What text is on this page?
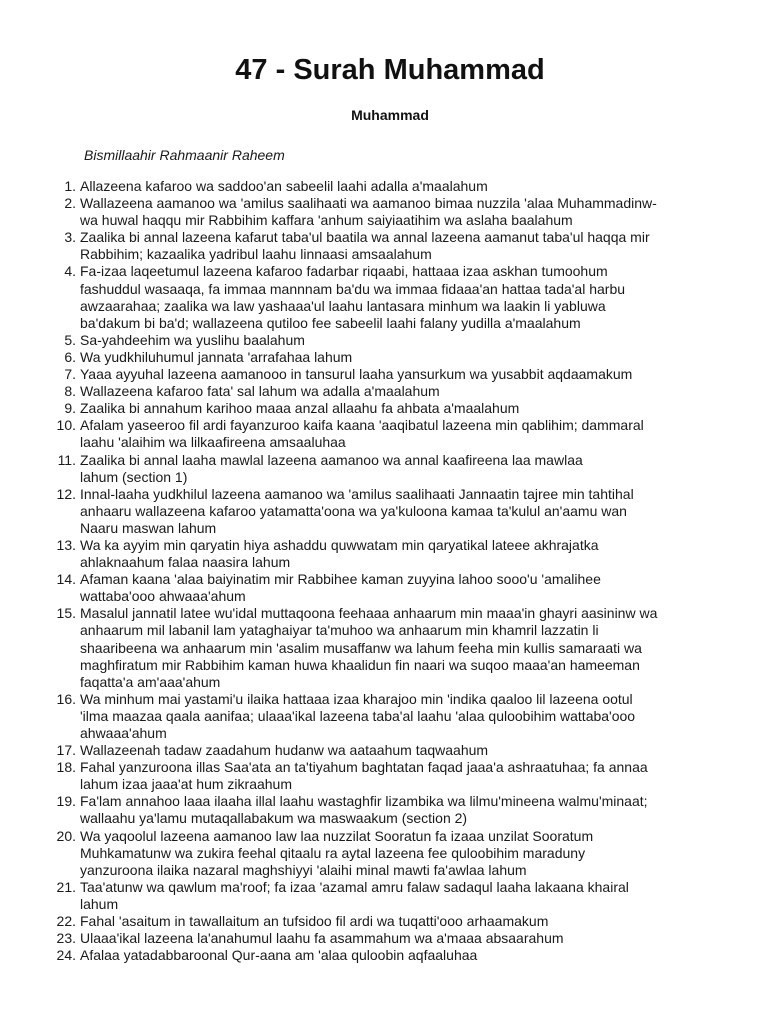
47 - Surah Muhammad
Muhammad
Bismillaahir Rahmaanir Raheem
1. Allazeena kafaroo wa saddoo'an sabeelil laahi adalla a'maalahum
2. Wallazeena aamanoo wa 'amilus saalihaati wa aamanoo bimaa nuzzila 'alaa Muhammadinw-
wa huwal haqqu mir Rabbihim kaffara 'anhum saiyiaatihim wa aslaha baalahum
3. Zaalika bi annal lazeena kafarut taba'ul baatila wa annal lazeena aamanut taba'ul haqqa mir
Rabbihim; kazaalika yadribul laahu linnaasi amsaalahum
4. Fa-izaa laqeetumul lazeena kafaroo fadarbar riqaabi, hattaaa izaa askhan tumoohum
fashuddul wasaaqa, fa immaa mannnam ba'du wa immaa fidaaa'an hattaa tada'al harbu
awzaarahaa; zaalika wa law yashaaa'ul laahu lantasara minhum wa laakin li yabluwa
ba'dakum bi ba'd; wallazeena qutiloo fee sabeelil laahi falany yudilla a'maalahum
5. Sa-yahdeehim wa yuslihu baalahum
6. Wa yudkhiluhumul jannata 'arrafahaa lahum
7. Yaaa ayyuhal lazeena aamanooo in tansurul laaha yansurkum wa yusabbit aqdaamakum
8. Wallazeena kafaroo fata' sal lahum wa adalla a'maalahum
9. Zaalika bi annahum karihoo maaa anzal allaahu fa ahbata a'maalahum
10. Afalam yaseeroo fil ardi fayanzuroo kaifa kaana 'aaqibatul lazeena min qablihim; dammaral
laahu 'alaihim wa lilkaafireena amsaaluhaa
11. Zaalika bi annal laaha mawlal lazeena aamanoo wa annal kaafireena laa mawlaa
lahum (section 1)
12. Innal-laaha yudkhilul lazeena aamanoo wa 'amilus saalihaati Jannaatin tajree min tahtihal
anhaaru wallazeena kafaroo yatamatta'oona wa ya'kuloona kamaa ta'kulul an'aamu wan
Naaru maswan lahum
13. Wa ka ayyim min qaryatin hiya ashaddu quwwatam min qaryatikal lateee akhrajatka
ahlaknaahum falaa naasira lahum
14. Afaman kaana 'alaa baiyinatim mir Rabbihee kaman zuyyina lahoo sooo'u 'amalihee
wattaba'ooo ahwaaa'ahum
15. Masalul jannatil latee wu'idal muttaqoona feehaaa anhaarum min maaa'in ghayri aasininw wa
anhaarum mil labanil lam yataghaiyar ta'muhoo wa anhaarum min khamril lazzatin li
shaaribeena wa anhaarum min 'asalim musaffanw wa lahum feeha min kullis samaraati wa
maghfiratum mir Rabbihim kaman huwa khaalidun fin naari wa suqoo maaa'an hameeman
faqatta'a am'aaa'ahum
16. Wa minhum mai yastami'u ilaika hattaaa izaa kharajoo min 'indika qaaloo lil lazeena ootul
'ilma maazaa qaala aanifaa; ulaaa'ikal lazeena taba'al laahu 'alaa quloobihim wattaba'ooo
ahwaaa'ahum
17. Wallazeenah tadaw zaadahum hudanw wa aataahum taqwaahum
18. Fahal yanzuroona illas Saa'ata an ta'tiyahum baghtatan faqad jaaa'a ashraatuhaa; fa annaa
lahum izaa jaaa'at hum zikraahum
19. Fa'lam annahoo laaa ilaaha illal laahu wastaghfir lizambika wa lilmu'mineena walmu'minaat;
wallaahu ya'lamu mutaqallabakum wa maswaakum (section 2)
20. Wa yaqoolul lazeena aamanoo law laa nuzzilat Sooratun fa izaaa unzilat Sooratum
Muhkamatunw wa zukira feehal qitaalu ra aytal lazeena fee quloobihim maraduny
yanzuroona ilaika nazaral maghshiyyi 'alaihi minal mawti fa'awlaa lahum
21. Taa'atunw wa qawlum ma'roof; fa izaa 'azamal amru falaw sadaqul laaha lakaana khairal
lahum
22. Fahal 'asaitum in tawallaitum an tufsidoo fil ardi wa tuqatti'ooo arhaamakum
23. Ulaaa'ikal lazeena la'anahumul laahu fa asammahum wa a'maaa absaarahum
24. Afalaa yatadabbaroonal Qur-aana am 'alaa quloobin aqfaaluhaa
